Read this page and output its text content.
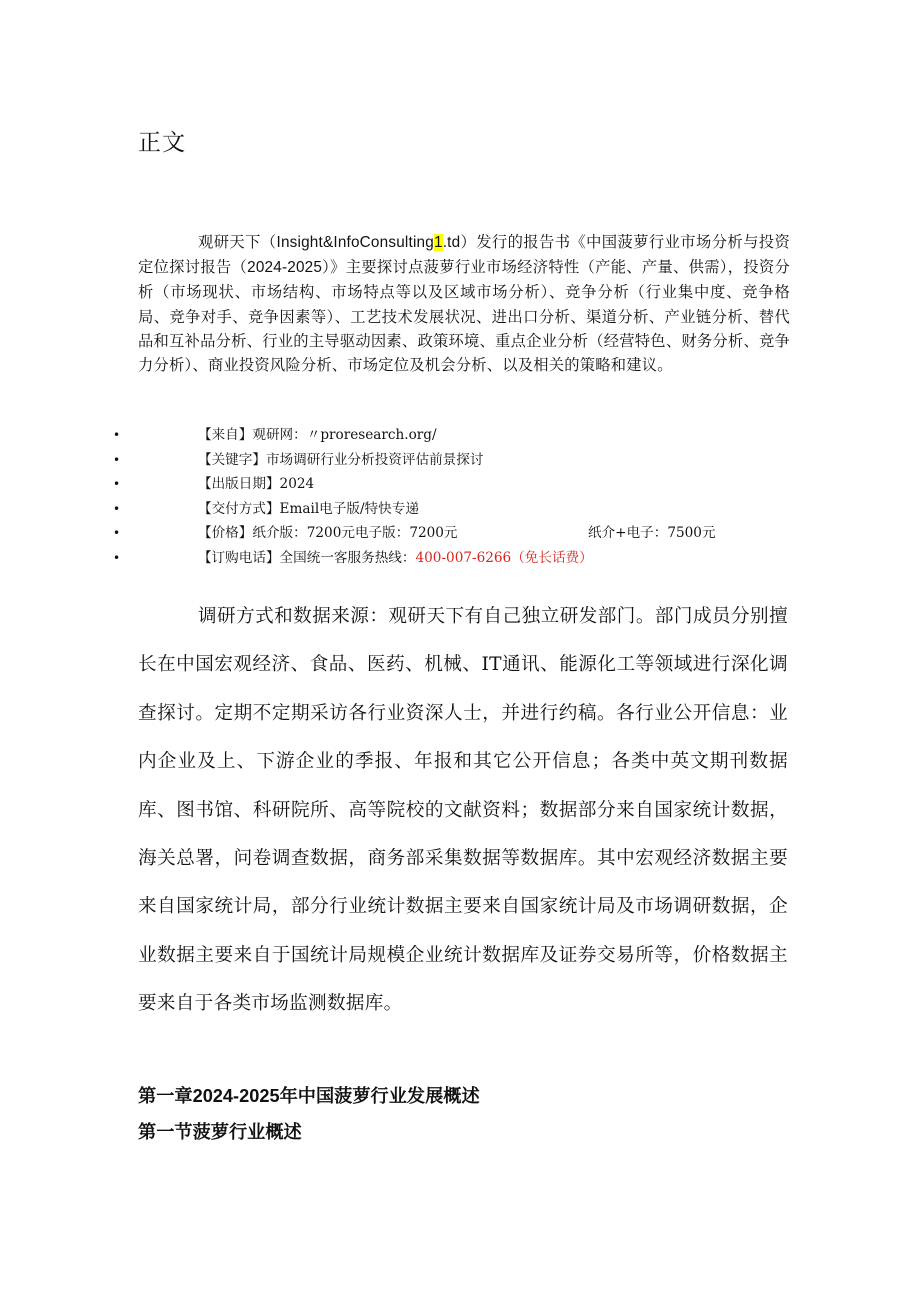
正文

观研天下（Insight&InfoConsulting1.td）发行的报告书《中国菠萝行业市场分析与投资定位探讨报告（2024-2025）》主要探讨点菠萝行业市场经济特性（产能、产量、供需），投资分析（市场现状、市场结构、市场特点等以及区域市场分析）、竞争分析（行业集中度、竞争格局、竞争对手、竞争因素等）、工艺技术发展状况、进出口分析、渠道分析、产业链分析、替代品和互补品分析、行业的主导驱动因素、政策环境、重点企业分析（经营特色、财务分析、竞争力分析）、商业投资风险分析、市场定位及机会分析、以及相关的策略和建议。

•	【来自】观研网：〃proresearch.org/
•	【关键字】市场调研行业分析投资评估前景探讨
•	【出版日期】2024
•	【交付方式】Email电子版/特快专递
•	【价格】纸介版：7200元电子版：7200元	纸介+电子：7500元
•	【订购电话】全国统一客服务热线：400-007-6266（免长话费）

调研方式和数据来源：观研天下有自己独立研发部门。部门成员分别擅长在中国宏观经济、食品、医药、机械、IT通讯、能源化工等领域进行深化调查探讨。定期不定期采访各行业资深人士，并进行约稿。各行业公开信息：业内企业及上、下游企业的季报、年报和其它公开信息；各类中英文期刊数据库、图书馆、科研院所、高等院校的文献资料；数据部分来自国家统计数据，海关总署，问卷调查数据，商务部采集数据等数据库。其中宏观经济数据主要来自国家统计局，部分行业统计数据主要来自国家统计局及市场调研数据，企业数据主要来自于国统计局规模企业统计数据库及证券交易所等，价格数据主要来自于各类市场监测数据库。

第一章2024-2025年中国菠萝行业发展概述
第一节菠萝行业概述
